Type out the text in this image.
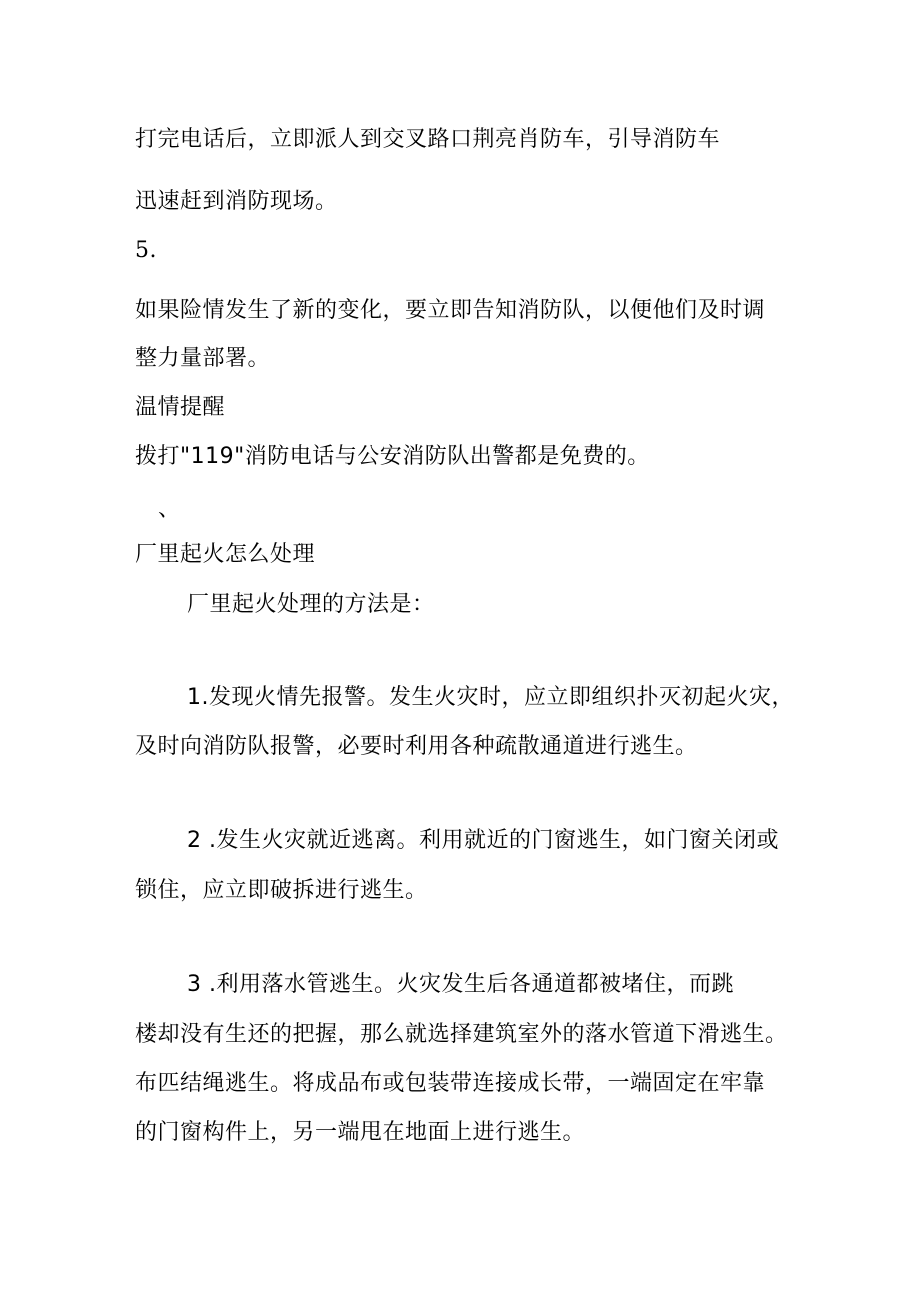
打完电话后，立即派人到交叉路口荆亮肖防车，引导消防车
迅速赶到消防现场。
5.
如果险情发生了新的变化，要立即告知消防队，以便他们及时调
整力量部署。
温情提醒
拨打"119"消防电话与公安消防队出警都是免费的。
、
厂里起火怎么处理
厂里起火处理的方法是：
1.发现火情先报警。发生火灾时，应立即组织扑灭初起火灾，
及时向消防队报警，必要时利用各种疏散通道进行逃生。
2 .发生火灾就近逃离。利用就近的门窗逃生，如门窗关闭或
锁住，应立即破拆进行逃生。
3 .利用落水管逃生。火灾发生后各通道都被堵住，而跳
楼却没有生还的把握，那么就选择建筑室外的落水管道下滑逃生。
布匹结绳逃生。将成品布或包装带连接成长带，一端固定在牢靠
的门窗构件上，另一端甩在地面上进行逃生。
